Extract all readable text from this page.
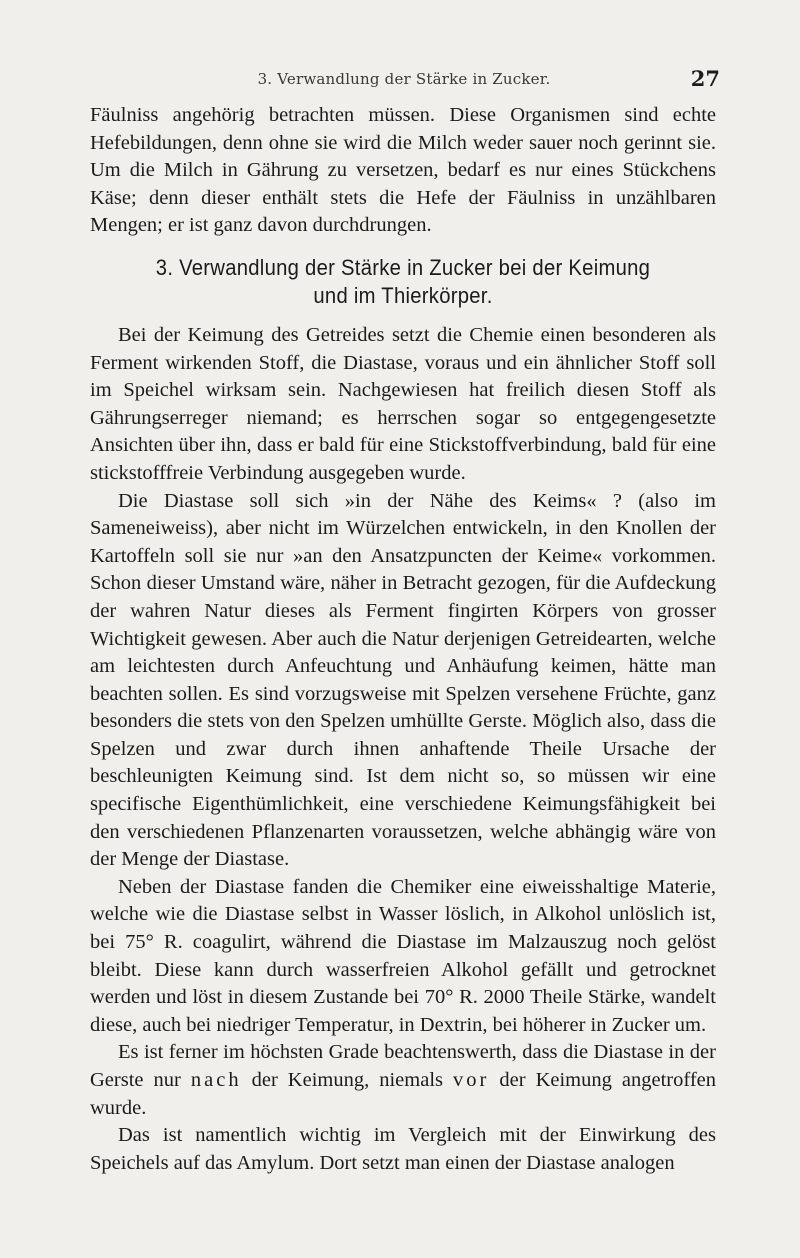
3. Verwandlung der Stärke in Zucker.	27

Fäulniss angehörig betrachten müssen. Diese Organismen sind echte Hefebildungen, denn ohne sie wird die Milch weder sauer noch gerinnt sie. Um die Milch in Gährung zu versetzen, bedarf es nur eines Stückchens Käse; denn dieser enthält stets die Hefe der Fäulniss in unzählbaren Mengen; er ist ganz davon durchdrungen.

3. Verwandlung der Stärke in Zucker bei der Keimung
und im Thierkörper.

Bei der Keimung des Getreides setzt die Chemie einen besonderen als Ferment wirkenden Stoff, die Diastase, voraus und ein ähnlicher Stoff soll im Speichel wirksam sein. Nachgewiesen hat freilich diesen Stoff als Gährungserreger niemand; es herrschen sogar so entgegengesetzte Ansichten über ihn, dass er bald für eine Stickstoffverbindung, bald für eine stickstofffreie Verbindung ausgegeben wurde.

Die Diastase soll sich »in der Nähe des Keims« ? (also im Sameneiweiss), aber nicht im Würzelchen entwickeln, in den Knollen der Kartoffeln soll sie nur »an den Ansatzpuncten der Keime« vorkommen. Schon dieser Umstand wäre, näher in Betracht gezogen, für die Aufdeckung der wahren Natur dieses als Ferment fingirten Körpers von grosser Wichtigkeit gewesen. Aber auch die Natur derjenigen Getreidearten, welche am leichtesten durch Anfeuchtung und Anhäufung keimen, hätte man beachten sollen. Es sind vorzugsweise mit Spelzen versehene Früchte, ganz besonders die stets von den Spelzen umhüllte Gerste. Möglich also, dass die Spelzen und zwar durch ihnen anhaftende Theile Ursache der beschleunigten Keimung sind. Ist dem nicht so, so müssen wir eine specifische Eigenthümlichkeit, eine verschiedene Keimungsfähigkeit bei den verschiedenen Pflanzenarten voraussetzen, welche abhängig wäre von der Menge der Diastase.

Neben der Diastase fanden die Chemiker eine eiweisshaltige Materie, welche wie die Diastase selbst in Wasser löslich, in Alkohol unlöslich ist, bei 75° R. coagulirt, während die Diastase im Malzauszug noch gelöst bleibt. Diese kann durch wasserfreien Alkohol gefällt und getrocknet werden und löst in diesem Zustande bei 70° R. 2000 Theile Stärke, wandelt diese, auch bei niedriger Temperatur, in Dextrin, bei höherer in Zucker um.

Es ist ferner im höchsten Grade beachtenswerth, dass die Diastase in der Gerste nur nach der Keimung, niemals vor der Keimung angetroffen wurde.

Das ist namentlich wichtig im Vergleich mit der Einwirkung des Speichels auf das Amylum. Dort setzt man einen der Diastase analogen
